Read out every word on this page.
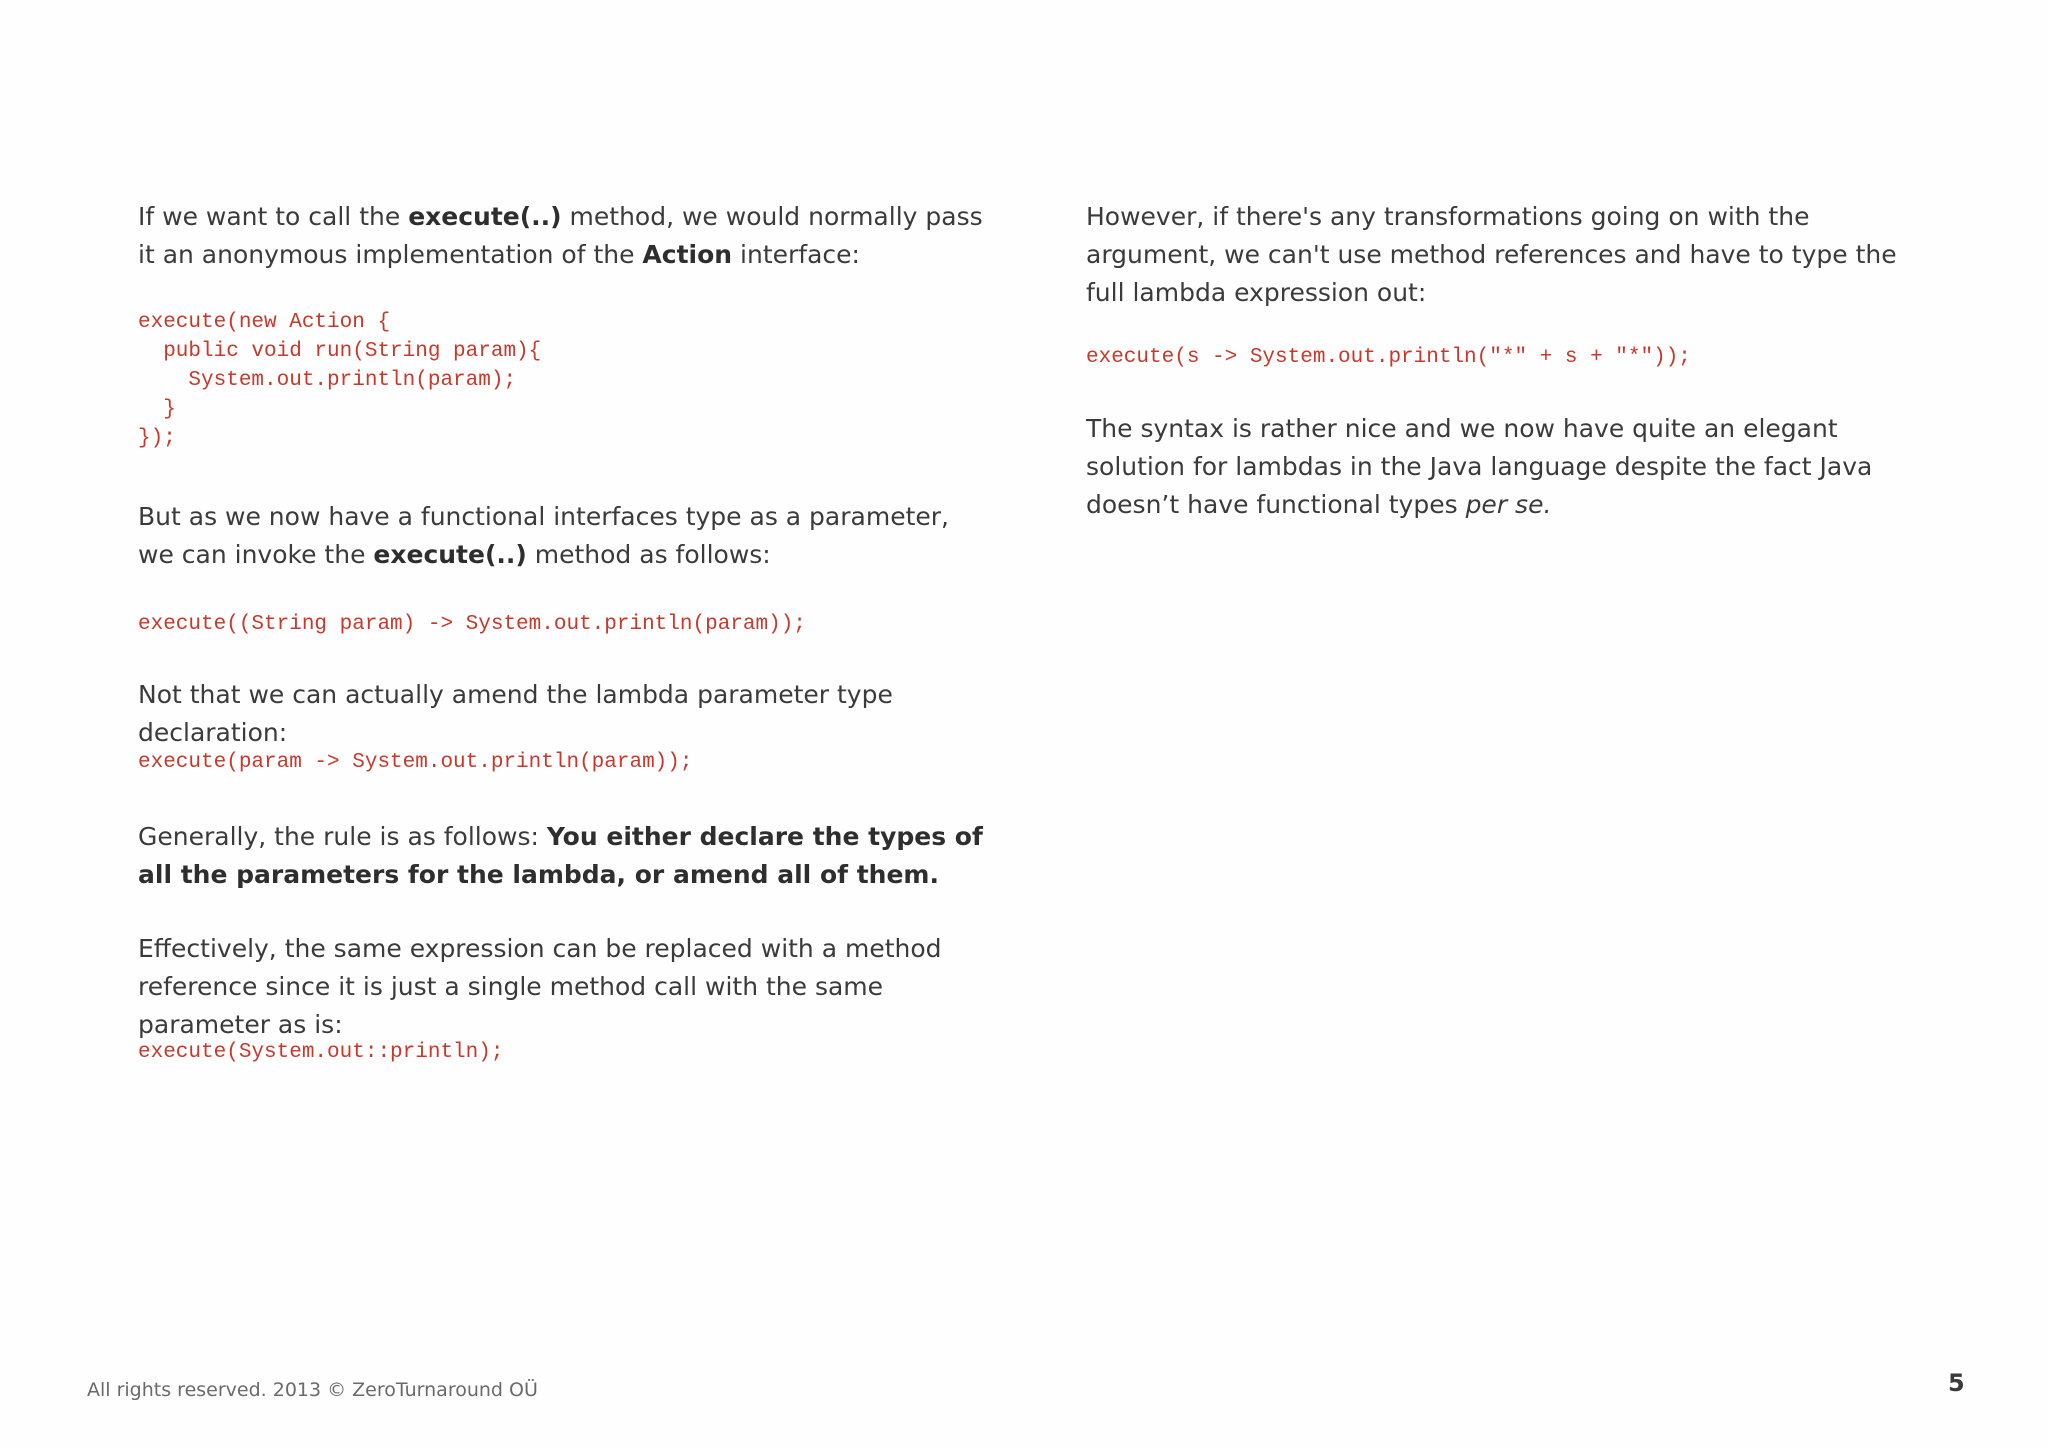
If we want to call the execute(..) method, we would normally pass it an anonymous implementation of the Action interface:

execute(new Action {
public void run(String param){
System.out.println(param);
}
});

But as we now have a functional interfaces type as a parameter, we can invoke the execute(..) method as follows:

execute((String param) -> System.out.println(param));

Not that we can actually amend the lambda parameter type declaration:

execute(param -> System.out.println(param));

Generally, the rule is as follows: You either declare the types of all the parameters for the lambda, or amend all of them.

Effectively, the same expression can be replaced with a method reference since it is just a single method call with the same parameter as is:

execute(System.out::println);

However, if there's any transformations going on with the argument, we can't use method references and have to type the full lambda expression out:

execute(s -> System.out.println("*" + s + "*"));

The syntax is rather nice and we now have quite an elegant solution for lambdas in the Java language despite the fact Java doesn’t have functional types per se.

All rights reserved. 2013 © ZeroTurnaround OÜ	5
